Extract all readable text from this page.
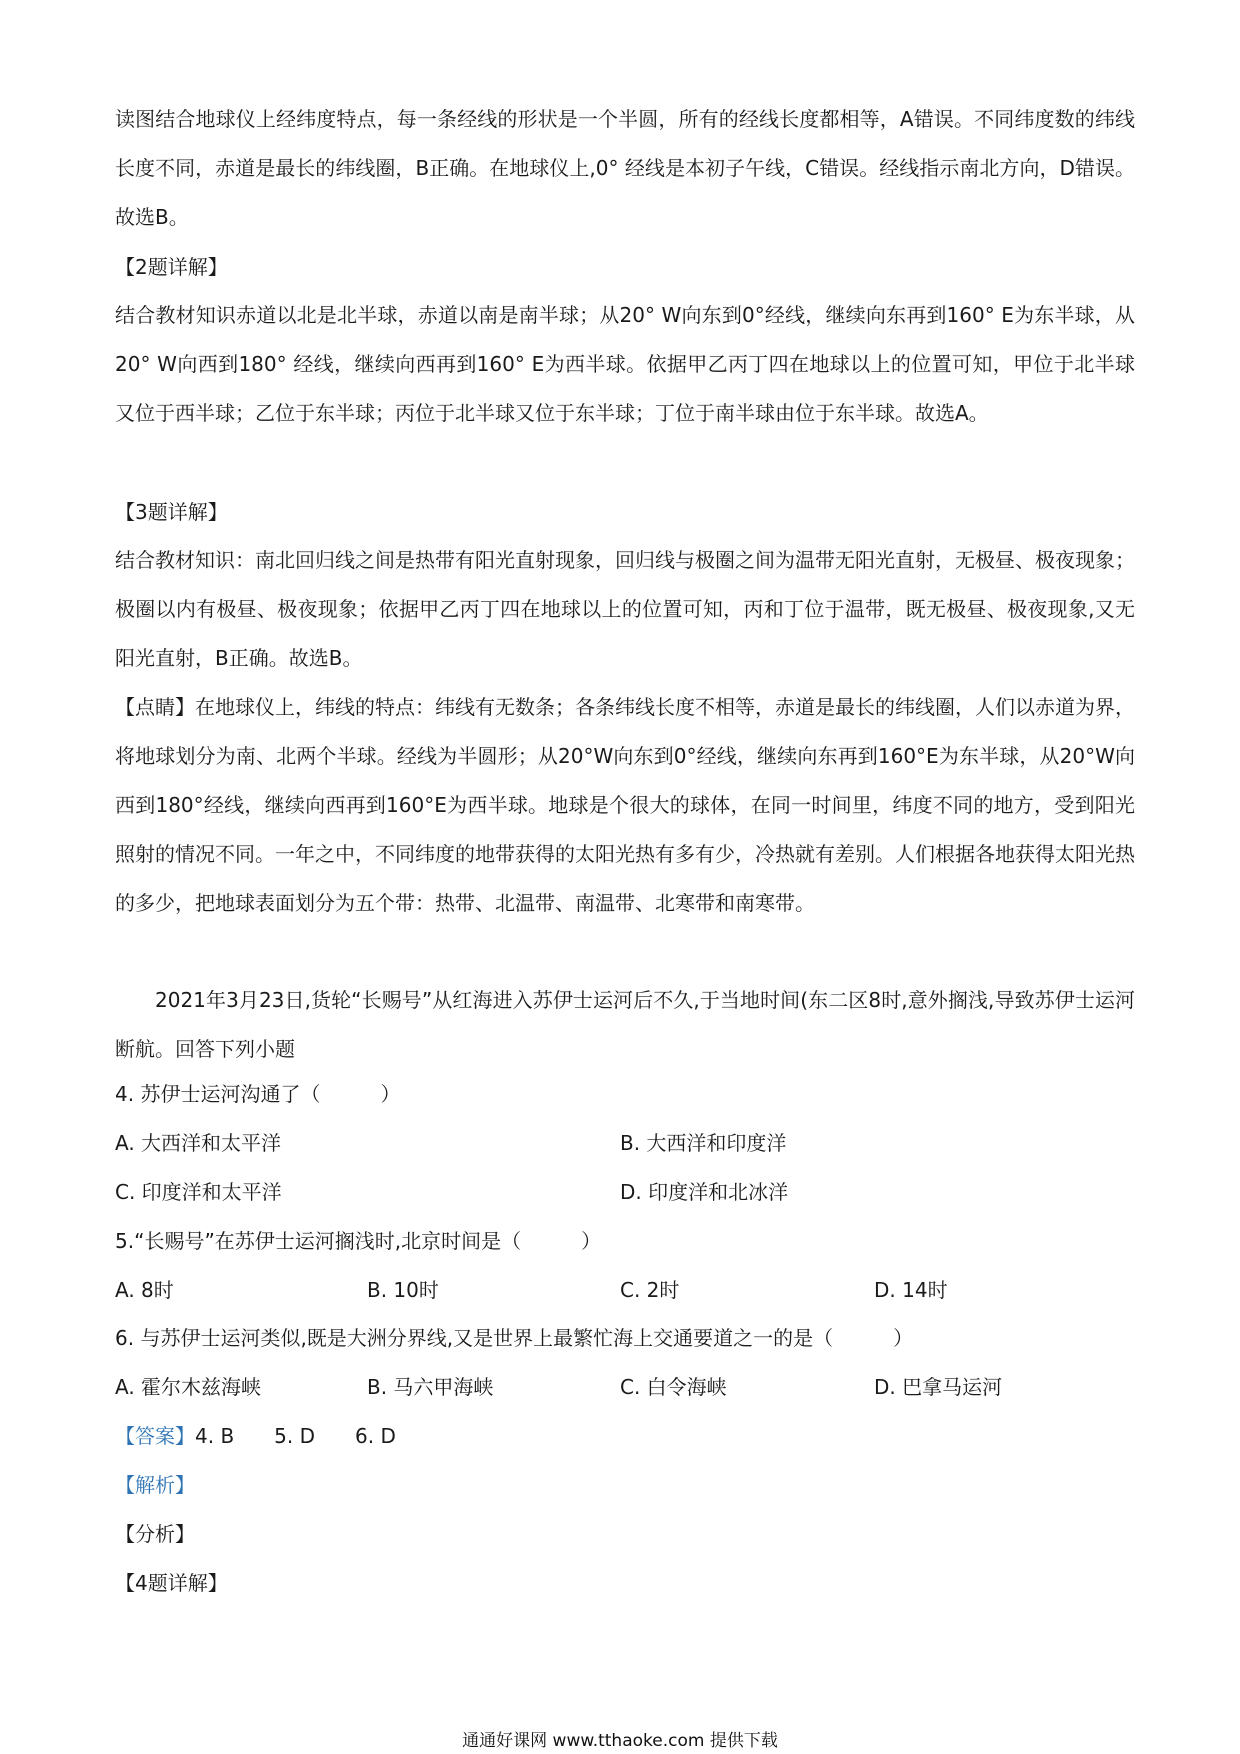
读图结合地球仪上经纬度特点，每一条经线的形状是一个半圆，所有的经线长度都相等，A错误。不同纬度数的纬线长度不同，赤道是最长的纬线圈，B正确。在地球仪上,0° 经线是本初子午线，C错误。经线指示南北方向，D错误。故选B。

【2题详解】

结合教材知识赤道以北是北半球，赤道以南是南半球；从20° W向东到0°经线，继续向东再到160° E为东半球，从20° W向西到180° 经线，继续向西再到160° E为西半球。依据甲乙丙丁四在地球以上的位置可知，甲位于北半球又位于西半球；乙位于东半球；丙位于北半球又位于东半球；丁位于南半球由位于东半球。故选A。

【3题详解】

结合教材知识：南北回归线之间是热带有阳光直射现象，回归线与极圈之间为温带无阳光直射，无极昼、极夜现象；极圈以内有极昼、极夜现象；依据甲乙丙丁四在地球以上的位置可知，丙和丁位于温带，既无极昼、极夜现象,又无阳光直射，B正确。故选B。

【点睛】在地球仪上，纬线的特点：纬线有无数条；各条纬线长度不相等，赤道是最长的纬线圈，人们以赤道为界，将地球划分为南、北两个半球。经线为半圆形；从20°W向东到0°经线，继续向东再到160°E为东半球，从20°W向西到180°经线，继续向西再到160°E为西半球。地球是个很大的球体，在同一时间里，纬度不同的地方，受到阳光照射的情况不同。一年之中，不同纬度的地带获得的太阳光热有多有少，冷热就有差别。人们根据各地获得太阳光热的多少，把地球表面划分为五个带：热带、北温带、南温带、北寒带和南寒带。

2021年3月23日,货轮“长赐号”从红海进入苏伊士运河后不久,于当地时间(东二区8时,意外搁浅,导致苏伊士运河断航。回答下列小题

4. 苏伊士运河沟通了（　　　）
A. 大西洋和太平洋	B. 大西洋和印度洋
C. 印度洋和太平洋	D. 印度洋和北冰洋
5.“长赐号”在苏伊士运河搁浅时,北京时间是（　　　）
A. 8时	B. 10时	C. 2时	D. 14时
6. 与苏伊士运河类似,既是大洲分界线,又是世界上最繁忙海上交通要道之一的是（　　　）
A. 霍尔木兹海峡	B. 马六甲海峡	C. 白令海峡	D. 巴拿马运河
【答案】4. B　　5. D　　6. D
【解析】
【分析】
【4题详解】
通通好课网 www.tthaoke.com 提供下载
